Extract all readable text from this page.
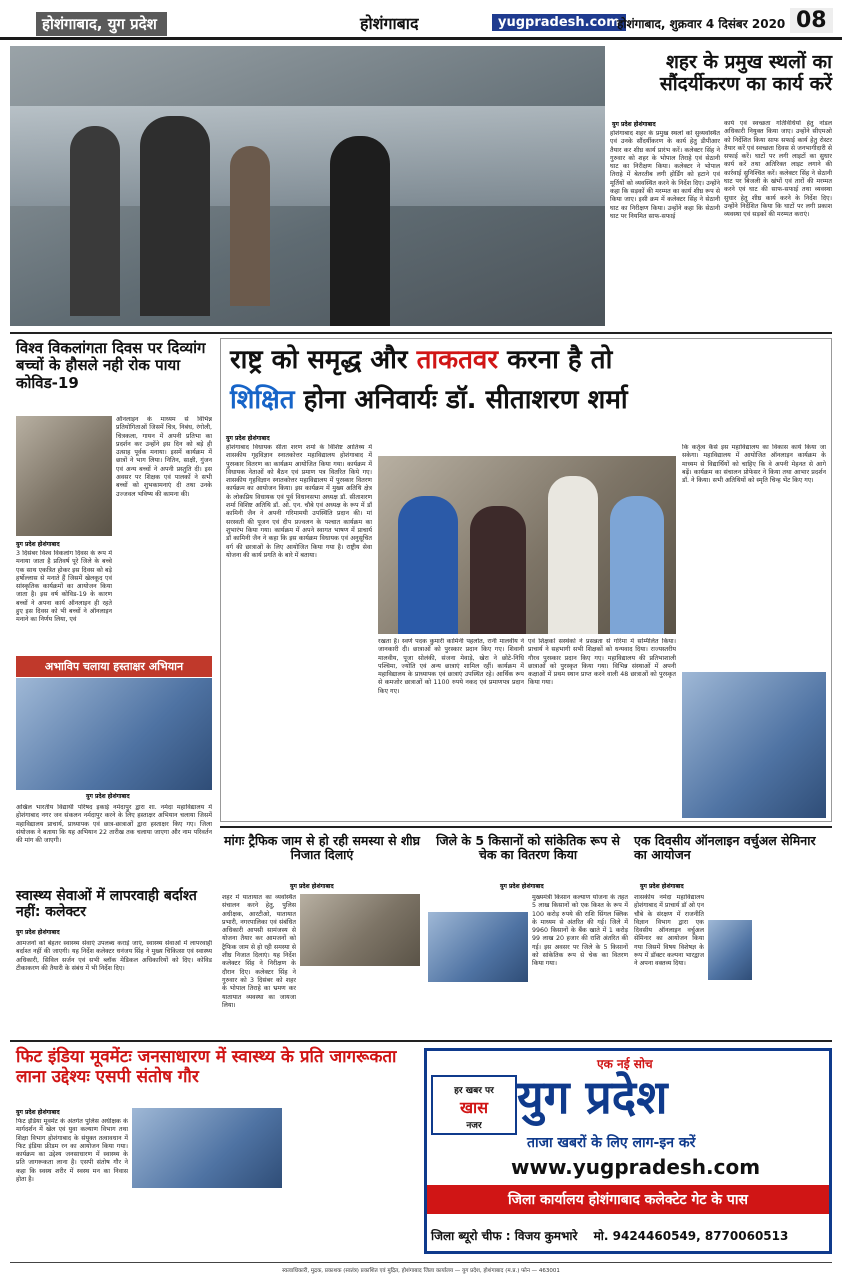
होशंगाबाद, युग प्रदेश	होशंगाबाद	yugpradesh.com
होशंगाबाद, शुक्रवार 4 दिसंबर 2020 08
शहर के प्रमुख स्थलों का सौंदर्यीकरण का कार्य करें
युग प्रदेश होशंगाबाद
होशंगाबाद शहर के प्रमुख स्थलों को सुव्यवस्थित एवं उनके सौंदर्यीकरण के कार्य हेतु डीपीआर तैयार कर शीघ्र कार्य प्रारंभ करें। कलेक्टर सिंह ने गुरुवार को शहर के भोपाल तिराहे एवं सेठानी घाट का निरीक्षण किया। कलेक्टर ने भोपाल तिराहे में बेतरतीब लगी होर्डिंग को हटाने एवं मूर्तियों को व्यवस्थित करने के निर्देश दिए। उन्होंने कहा कि सड़कों की मरम्मत का कार्य शीघ्र रूप से किया जाए। इसी क्रम में कलेक्टर सिंह ने सेठानी घाट का निरीक्षण किया। उन्होंने कहा कि सेठानी घाट पर नियमित साफ-सफाई
कार्य एवं स्वच्छता गतिविधियों हेतु नोडल अधिकारी नियुक्त किया जाए। उन्होंने सीएमओ को निर्देशित किया साफ सफाई कार्य हेतु रोस्टर तैयार करें एवं स्वच्छता दिवस से जनभागीदारी से सफाई करें। घाटों पर लगी लाइटों का सुधार कार्य करें तथा अतिरिक्त लाइट लगाने की कार्रवाई सुनिश्चित करें। कलेक्टर सिंह ने सेठानी घाट पर बिजली के खंभों एवं तारों की मरम्मत करने एवं घाट की साफ-सफाई तथा व्यवस्था सुधार हेतु शीघ्र कार्य करने के निर्देश दिए। उन्होंने निर्देशित किया कि घाटों पर लगी प्रकाश व्यवस्था एवं सड़कों की मरम्मत कराएं।
विश्व विकलांगता दिवस पर दिव्यांग बच्चों के हौसले नही रोक पाया कोविड-19
युग प्रदेश होशंगाबाद
3 दिसंबर विश्व विकलांग दिवस के रूप में मनाया जाता है प्रतिवर्ष पूरे जिले के बच्चे एक साथ एकत्रित होकर इस दिवस को बड़े हर्षोल्लास से मनाते हैं जिसमें खेलकूद एवं सांस्कृतिक कार्यक्रमों का आयोजन किया जाता है। इस वर्ष कोविड-19 के कारण बच्चों ने अपना कार्य ऑनलाइन ही रहते हुए इस दिवस को भी बच्चों ने ऑनलाइन मनाने का निर्णय लिया, एवं
ऑनलाइन के माध्यम से विभिन्न प्रतियोगिताओं जिसमें चित्र, निबंध, रंगोली, चित्रकला, गायन में अपनी प्रतिभा का प्रदर्शन कर उन्होंने इस दिन को बड़े ही उत्साह पूर्वक मनाया। इसमें कार्यक्रम में छात्रों ने भाग लिया। नितिन, साक्षी, गुंजन एवं अन्य बच्चों ने अपनी प्रस्तुति दी। इस अवसर पर शिक्षक एवं पालकों ने सभी बच्चों को शुभकामनाएं दी तथा उनके उज्जवल भविष्य की कामना की।
अभाविप चलाया हस्ताक्षर अभियान
युग प्रदेश होशंगाबाद
अखिल भारतीय विद्यार्थी परिषद इकाई नर्मदापुर द्वारा शा. नर्मदा महाविद्यालय में होशंगाबाद नगर जन संकलन नर्मदापुर करने के लिए हस्ताक्षर अभियान चलाया जिसमें महाविद्यालय प्राचार्य, प्राध्यापक एवं छात्र-छात्राओं द्वारा हस्ताक्षर किए गए। जिला संयोजक ने बताया कि यह अभियान 22 तारीख तक चलाया जाएगा और नाम परिवर्तन की मांग की जाएगी।
राष्ट्र को समृद्ध और ताकतवर करना है तो
शिक्षित होना अनिवार्यः डॉ. सीताशरण शर्मा
युग प्रदेश होशंगाबाद
होशंगाबाद विधायक सीता शरण शर्मा के विशिष्ट आतिथ्य में शासकीय गृहविज्ञान स्नातकोत्तर महाविद्यालय होशंगाबाद में पुरस्कार वितरण का कार्यक्रम आयोजित किया गया। कार्यक्रम में विधायक नेताओं को बैठन एवं प्रमाण पत्र वितरित किये गए। शासकीय गृहविज्ञान स्नातकोत्तर महाविद्यालय में पुरस्कार वितरण कार्यक्रम का आयोजन किया। इस कार्यक्रम में मुख्य अतिथि क्षेत्र के लोकप्रिय विधायक एवं पूर्व विधानसभा अध्यक्ष डॉ. सीताशरण शर्मा विशिष्ट अतिथि डॉ. ओ. एन. चौबे एवं अध्यक्ष के रूप में डॉ कामिनी जैन ने अपनी गरिमामयी उपस्थिति प्रदान की। मां सरस्वती की पूजन एवं दीप प्रज्वलन के पश्चात कार्यक्रम का शुभारंभ किया गया। कार्यक्रम में अपने स्वागत भाषण में प्राचार्य डॉ कामिनी जैन ने कहा कि इस कार्यक्रम विधायक एवं अनुसूचित वर्ग की छात्राओं के लिए आयोजित किया गया है। राष्ट्रीय सेवा योजना की कार्य प्रगति के बारे में बताया।
रखता है। स्वर्ण पदक कुमारी कामिनी पहलोत, रानी मालवीय ने जानकारी दी। छात्राओं को पुरस्कार प्रदान किए गए। शिवानी मालवीय, पूजा सोलंकी, संजना मेवाड़े, खेरा ने छोटे-निधि पश्चिमा, ज्योति एवं अन्य छात्राएं शामिल रहीं। कार्यक्रम में महाविद्यालय के प्राध्यापक एवं छात्राएं उपस्थित रहे। आर्थिक रूप से कमजोर छात्राओं को 1100 रुपये नकद एवं प्रमाणपत्र प्रदान किए गए।
एवं शिक्षकों सस्थेको ने प्रसन्नता से गरिमा में सम्मिलित किया। प्राचार्य ने सहभागी सभी शिक्षकों को धन्यवाद दिया। राज्यस्तरीय गौरव पुरस्कार प्रदान किए गए। महाविद्यालय की प्रतिभाशाली छात्राओं को पुरस्कृत किया गया। विभिन्न संस्थाओं में अपनी कक्षाओं में प्रथम स्थान प्राप्त करने वाली 48 छात्राओं को पुरस्कृत किया गया।
कि कर्तृत्व कैसे इस महाविद्यालय का विकास कार्य किया जा सकेगा। महाविद्यालय में आयोजित ऑनलाइन कार्यक्रम के माध्यम से विद्यार्थियों को चाहिए कि वे अपनी मेहनत से आगे बढ़ें। कार्यक्रम का संचालन प्रोफेसर ने किया तथा आभार प्रदर्शन डॉ. ने किया। सभी अतिथियों को स्मृति चिन्ह भेंट किए गए।
मांगः ट्रैफिक जाम से हो रही समस्या से शीघ्र निजात दिलाएं
युग प्रदेश होशंगाबाद
शहर में यातायात का व्यवस्थित संचालन करने हेतु, पुलिस अधीक्षक, आरटीओ, यातायात प्रभारी, नगरपालिका एवं संबंधित अधिकारी आपसी सामंजस्य से योजना तैयार कर आमजनों को ट्रैफिक जाम से हो रही समस्या से शीघ्र निजात दिलाएं। यह निर्देश कलेक्टर सिंह ने निरीक्षण के दौरान दिए। कलेक्टर सिंह ने गुरुवार को 3 दिसंबर को शहर के भोपाल तिराहे का भ्रमण कर यातायात व्यवस्था का जायजा लिया।
जिले के 5 किसानों को सांकेतिक रूप से चेक का वितरण किया
युग प्रदेश होशंगाबाद
मुख्यमंत्री किसान कल्याण योजना के तहत 5 लाख किसानों को एक किश्त के रूप में 100 करोड़ रुपये की राशि सिंगल क्लिक के माध्यम से अंतरित की गई। जिले में 9960 किसानों के बैंक खाते में 1 करोड़ 99 लाख 20 हजार की राशि अंतरित की गई। इस अवसर पर जिले के 5 किसानों को सांकेतिक रूप से चेक का वितरण किया गया।
एक दिवसीय ऑनलाइन वर्चुअल सेमिनार का आयोजन
युग प्रदेश होशंगाबाद
शासकीय नर्मदा महाविद्यालय होशंगाबाद में प्राचार्य डॉ ओ एन चौबे के संरक्षण में राजनीति विज्ञान विभाग द्वारा एक दिवसीय ऑनलाइन वर्चुअल सेमिनार का आयोजन किया गया जिसमें विषय विशेषज्ञ के रूप में डॉक्टर कल्पना भारद्वाज ने अपना वक्तव्य दिया।
स्वास्थ्य सेवाओं में लापरवाही बर्दाश्त नहीं: कलेक्टर
युग प्रदेश होशंगाबाद
आमजनों को बेहतर स्वास्थ्य सेवाएं उपलब्ध कराई जाएं, स्वास्थ्य सेवाओं में लापरवाही बर्दाश्त नहीं की जाएगी। यह निर्देश कलेक्टर धनंजय सिंह ने मुख्य चिकित्सा एवं स्वास्थ्य अधिकारी, सिविल सर्जन एवं सभी ब्लॉक मेडिकल अधिकारियों को दिए। कोविड टीकाकरण की तैयारी के संबंध में भी निर्देश दिए।
फिट इंडिया मूवमेंटः जनसाधारण में स्वास्थ्य के प्रति जागरूकता लाना उद्देश्यः एसपी संतोष गौर
युग प्रदेश होशंगाबाद
फिट इंडिया मूवमेंट के अंतर्गत पुलिस अधीक्षक के मार्गदर्शन में खेल एवं युवा कल्याण विभाग तथा शिक्षा विभाग होशंगाबाद के संयुक्त तत्वावधान में फिट इंडिया फ्रीडम रन का आयोजन किया गया। कार्यक्रम का उद्देश्य जनसाधारण में स्वास्थ्य के प्रति जागरूकता लाना है। एसपी संतोष गौर ने कहा कि स्वस्थ शरीर में स्वस्थ मन का निवास होता है।
एक नई सोच
युग प्रदेश
हर खबर पर
खास
नजर
ताजा खबरों के लिए लाग-इन करें
www.yugpradesh.com
जिला कार्यालय होशंगाबाद कलेक्टेट गेट के पास
जिला ब्यूरो चीफ : विजय कुमभारे मो. 9424460549, 8770060513
स्वत्वाधिकारी, मुद्रक, प्रकाशक (स्वतंत्र) प्रकाशित एवं मुद्रित, होशंगाबाद जिला कार्यालय — युग प्रदेश, होशंगाबाद (म.प्र.) फोन — 463001
